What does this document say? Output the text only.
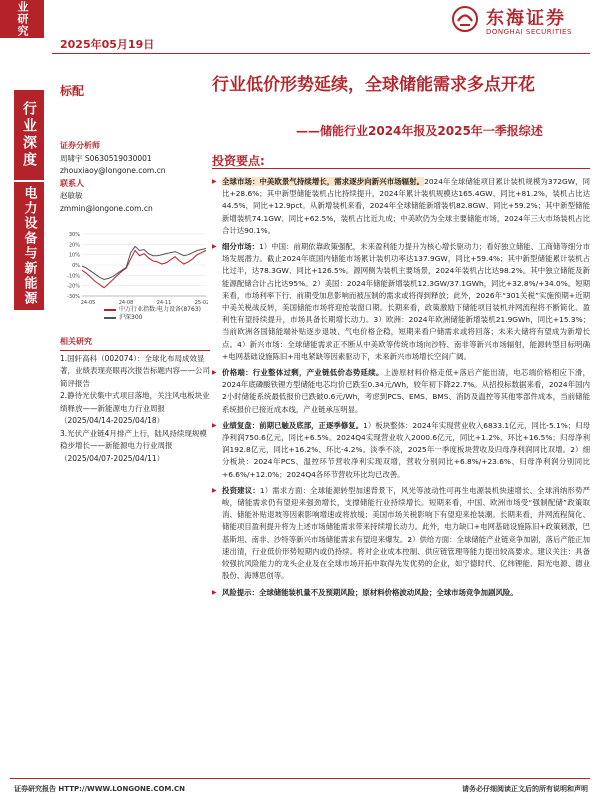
业研究
2025年05月19日
东海证券
DONGHAI SECURITIES
行业深度
电力设备与新能源
标配	行业低价形势延续，全球储能需求多点开花
——储能行业2024年报及2025年一季报综述
证券分析师
周啸宇 S0630519030001
zhouxiaoy@longone.com.cn
联系人
赵敏敏
zmmin@longone.com.cn
-30%
-20%
-10%
0%
10%
20%
30%
24-05	24-08	24-11	25-02
中万行业指数:电力设备(8763)
沪深300
相关研究
1.国轩高科（002074）：全球化布局成效显著，业绩表现亮眼再次报告标题内容——公司简评报告
2.静待光伏集中式项目落地，关注风电板块业绩释放——新能源电力行业周报（2025/04/14-2025/04/18）
3.光伏产业链4月排产上行，陆风持续现规模稳步增长——新能源电力行业周报（2025/04/07-2025/04/11）
投资要点:
▶ 全球市场：中美欧景气持续增长，需求逐步向新兴市场辐射。2024年全球储能项目累计装机规模为372GW，同比+28.6%；其中新型储能装机占比持续提升，2024年累计装机规模达165.4GW、同比+81.2%，装机占比达44.5%，同比+12.9pct。从新增装机来看，2024年全球储能新增装机82.8GW、同比+59.2%；其中新型储能新增装机74.1GW、同比+62.5%，装机占比近九成；中美欧仍为全球主要储能市场，2024年三大市场装机占比合计达90.1%。
▶ 细分市场：1）中国：前期依靠政策强配，未来盈利能力提升为核心增长驱动力；看好独立储能、工商储等细分市场发展潜力。截止2024年底国内储能市场累计装机功率达137.9GW，同比+59.4%；其中新型储能累计装机占比过半，达78.3GW、同比+126.5%。源网侧为装机主要场景，2024年装机占比达98.2%。其中独立储能及新能源配储合计占比达95%。2）美国：2024年储能新增装机12.3GW/37.1GWh，同比+32.8%/+34.0%。短期来看，市场利率下行、前期受加息影响而被压制的需求或将得到释放；此外，2026年“301关税”实施预期+近期中美关税战反转，美国储能市场将迎抢装窗口期。长期来看，政策激励下储能项目装机并网流程将不断简化、盈利性有望持续提升，市场具备长期增长动力。3）欧洲：2024年欧洲储能新增装机21.9GWh，同比+15.3%；当前欧洲各国储能端补贴逐步退坡、气电价格企稳，短期来看户储需求或将回落；未来大储将有望成为新增长点。4）新兴市场：全球储能需求正不断从中美欧等传统市场向沙特、南非等新兴市场辐射，能源转型目标明确+电网基础设施陈旧+用电紧缺等因素驱动下，未来新兴市场增长空间广阔。
▶ 价格端：行业整体过剩，产业链低价态势延续。上游原材料价格走低+落后产能出清，电芯端价格相应下滑，2024年底磷酸铁锂方型储能电芯均价已跌至0.34元/Wh，较年初下降22.7%。从招投标数据来看，2024年国内2小时储能系统最低报价已跌破0.6元/Wh，考虑到PCS、EMS、BMS、消防及温控等其他零部件成本，当前储能系统报价已接近成本线，产业链承压明显。
▶ 业绩复盘：前期已触及底部，正逐季修复。1）板块整体：2024年实现营业收入6833.1亿元，同比-5.1%；归母净利润750.6亿元，同比+6.5%。2024Q4实现营业收入2000.6亿元，同比+1.2%、环比+16.5%；归母净利润192.8亿元，同比+16.2%、环比-4.2%。淡季不淡，2025年一季度板块营收及归母净利润同比双增。2）细分板块：2024年PCS、温控环节营收净利实现双增，营收分别同比+6.8%/+23.6%、归母净利润分别同比+6.6%/+12.0%；2024Q4各环节营收环比均已改善。
▶ 投资建议：1）需求方面：全球能源转型加速背景下，风光等波动性可再生电源装机快速增长、全球消纳形势严峻，储能需求仍有望迎来强劲增长，支撑储能行业持续增长。短期来看，中国、欧洲市场受“强制配储”政策取消、储能补贴退坡等因素影响增速或将放缓；美国市场关税影响下有望迎来抢装潮。长期来看，并网流程简化、储能项目盈利提升将为上述市场储能需求带来持续增长动力。此外，电力缺口+电网基础设施陈旧+政策刺激，巴基斯坦、南非、沙特等新兴市场储能需求有望迎来爆发。2）供给方面：全球储能产业链竞争加剧，落后产能正加速出清，行业低价形势短期内或仍持续。将对企业成本控制、供应链管理等能力提出较高要求。建议关注：具备较强抗风险能力的龙头企业及在全球市场开拓中取得先发优势的企业，如宁德时代、亿纬锂能、阳光电源、德业股份、海博思创等。
▶ 风险提示：全球储能装机量不及预期风险；原材料价格波动风险；全球市场竞争加剧风险。
证券研究报告 HTTP://WWW.LONGONE.COM.CN	请务必仔细阅读正文后的所有说明和声明
